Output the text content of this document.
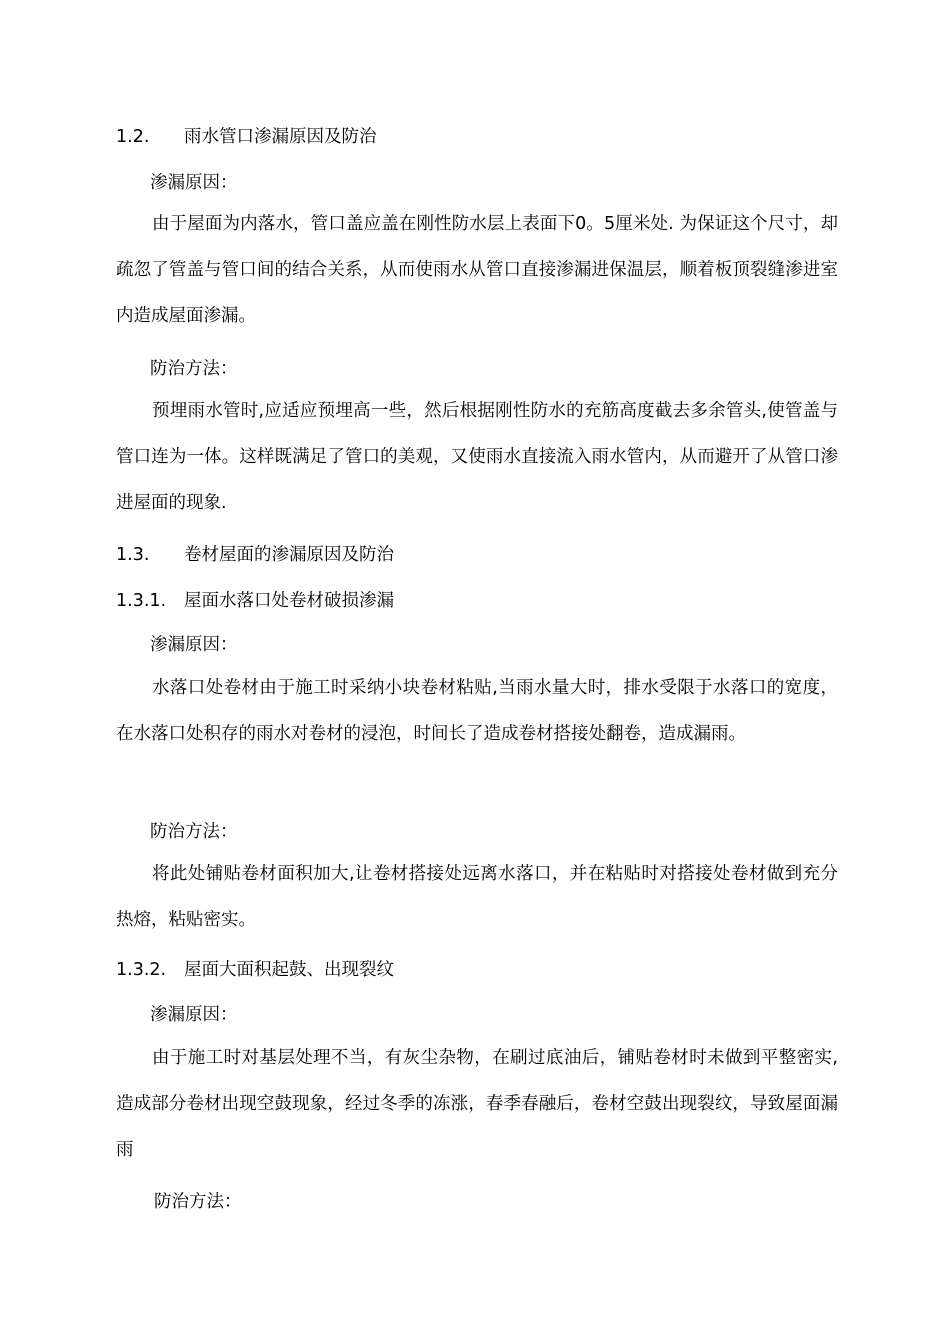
1.2. 雨水管口渗漏原因及防治
渗漏原因：

由于屋面为内落水，管口盖应盖在刚性防水层上表面下0。5厘米处. 为保证这个尺寸，却疏忽了管盖与管口间的结合关系，从而使雨水从管口直接渗漏进保温层，顺着板顶裂缝渗进室内造成屋面渗漏。

防治方法：

预埋雨水管时,应适应预埋高一些，然后根据刚性防水的充筋高度截去多余管头,使管盖与管口连为一体。这样既满足了管口的美观，又使雨水直接流入雨水管内，从而避开了从管口渗进屋面的现象.

1.3. 卷材屋面的渗漏原因及防治
1.3.1. 屋面水落口处卷材破损渗漏
渗漏原因：

水落口处卷材由于施工时采纳小块卷材粘贴,当雨水量大时，排水受限于水落口的宽度，在水落口处积存的雨水对卷材的浸泡，时间长了造成卷材搭接处翻卷，造成漏雨。

防治方法：

将此处铺贴卷材面积加大,让卷材搭接处远离水落口，并在粘贴时对搭接处卷材做到充分热熔，粘贴密实。

1.3.2. 屋面大面积起鼓、出现裂纹
渗漏原因：

由于施工时对基层处理不当，有灰尘杂物，在刷过底油后，铺贴卷材时未做到平整密实,造成部分卷材出现空鼓现象，经过冬季的冻涨，春季春融后，卷材空鼓出现裂纹，导致屋面漏雨

防治方法：
